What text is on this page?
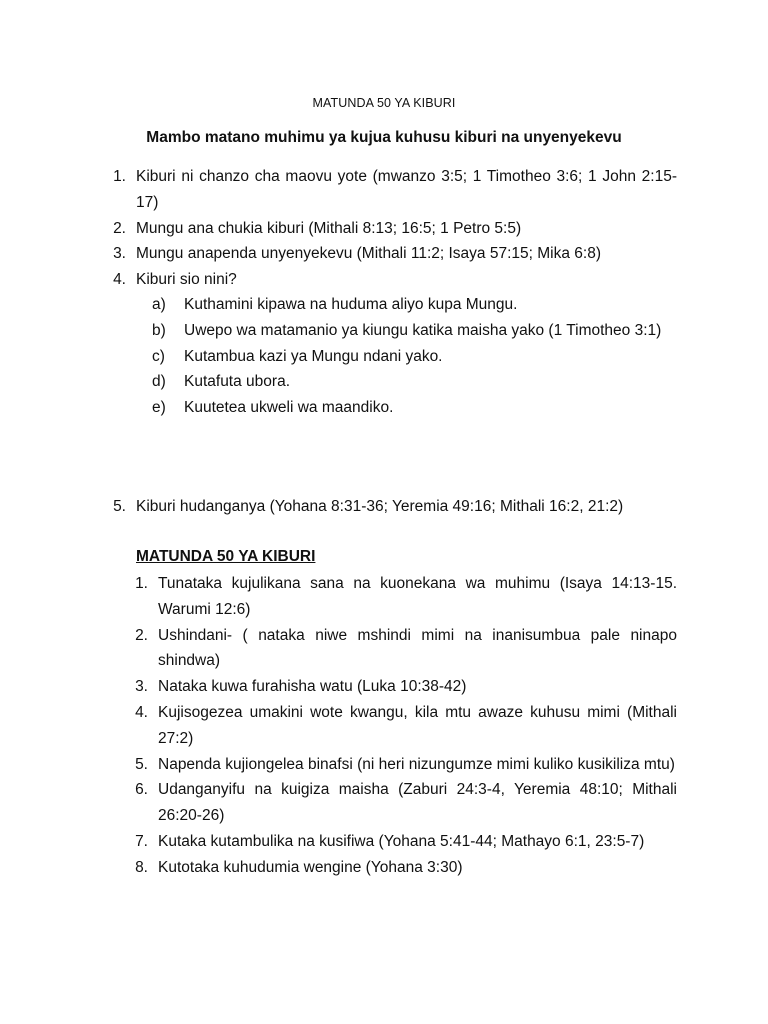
MATUNDA 50 YA KIBURI
Mambo matano muhimu ya kujua kuhusu kiburi na unyenyekevu
1. Kiburi ni chanzo cha maovu yote (mwanzo 3:5; 1 Timotheo 3:6; 1 John 2:15-17)
2. Mungu ana chukia kiburi (Mithali 8:13; 16:5; 1 Petro 5:5)
3. Mungu anapenda unyenyekevu (Mithali 11:2; Isaya 57:15; Mika 6:8)
4. Kiburi sio nini?
a)	Kuthamini kipawa na huduma aliyo kupa Mungu.
b)	Uwepo wa matamanio ya kiungu katika maisha yako (1 Timotheo 3:1)
c)	Kutambua kazi ya Mungu ndani yako.
d)	Kutafuta ubora.
e)	Kuutetea ukweli wa maandiko.
5. Kiburi hudanganya (Yohana 8:31-36; Yeremia 49:16; Mithali 16:2, 21:2)
MATUNDA 50 YA KIBURI
1. Tunataka kujulikana sana na kuonekana wa muhimu (Isaya 14:13-15. Warumi 12:6)
2. Ushindani- ( nataka niwe mshindi mimi na inanisumbua pale ninapo shindwa)
3. Nataka kuwa furahisha watu (Luka 10:38-42)
4. Kujisogezea umakini wote kwangu, kila mtu awaze kuhusu mimi (Mithali 27:2)
5. Napenda kujiongelea binafsi (ni heri nizungumze mimi kuliko kusikiliza mtu)
6. Udanganyifu na kuigiza maisha (Zaburi 24:3-4, Yeremia 48:10; Mithali 26:20-26)
7. Kutaka kutambulika na kusifiwa (Yohana 5:41-44; Mathayo 6:1, 23:5-7)
8. Kutotaka kuhudumia wengine (Yohana 3:30)
